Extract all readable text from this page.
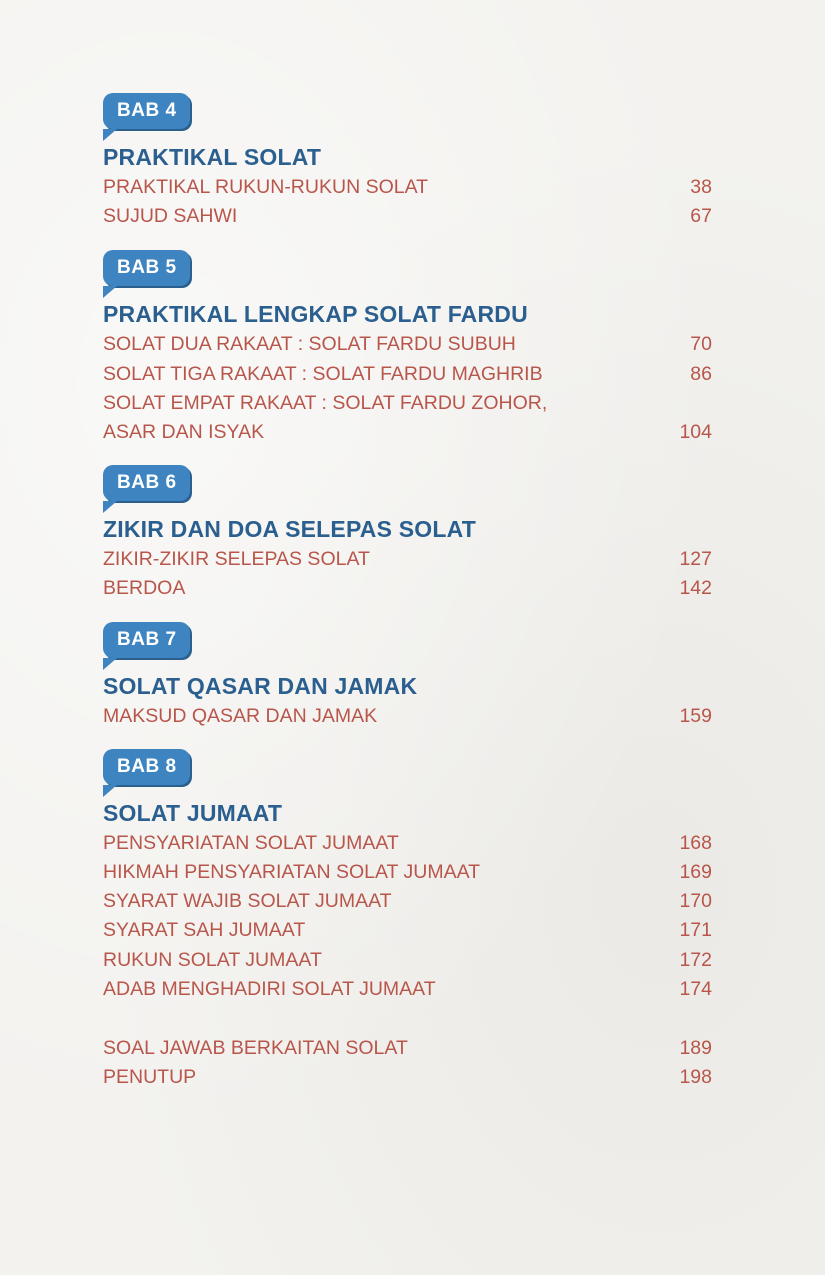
BAB 4
PRAKTIKAL SOLAT
PRAKTIKAL RUKUN-RUKUN SOLAT	38
SUJUD SAHWI	67
BAB 5
PRAKTIKAL LENGKAP SOLAT FARDU
SOLAT DUA RAKAAT : SOLAT FARDU SUBUH	70
SOLAT TIGA RAKAAT : SOLAT FARDU MAGHRIB	86
SOLAT EMPAT RAKAAT : SOLAT FARDU ZOHOR,
ASAR DAN ISYAK	104
BAB 6
ZIKIR DAN DOA SELEPAS SOLAT
ZIKIR-ZIKIR SELEPAS SOLAT	127
BERDOA	142
BAB 7
SOLAT QASAR DAN JAMAK
MAKSUD QASAR DAN JAMAK	159
BAB 8
SOLAT JUMAAT
PENSYARIATAN SOLAT JUMAAT	168
HIKMAH PENSYARIATAN SOLAT JUMAAT	169
SYARAT WAJIB SOLAT JUMAAT	170
SYARAT SAH JUMAAT	171
RUKUN SOLAT JUMAAT	172
ADAB MENGHADIRI SOLAT JUMAAT	174
SOAL JAWAB BERKAITAN SOLAT	189
PENUTUP	198
